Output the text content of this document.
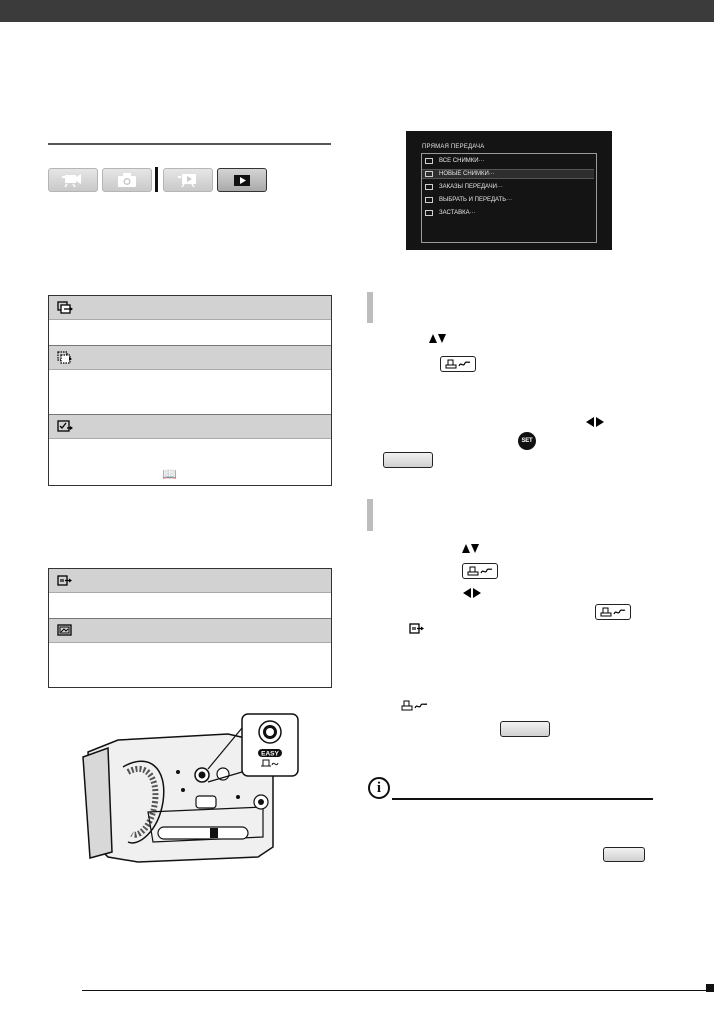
📖
EASY
ПРЯМАЯ ПЕРЕДАЧА
ВСЕ СНИМКИ···
НОВЫЕ СНИМКИ···
ЗАКАЗЫ ПЕРЕДАЧИ···
ВЫБРАТЬ И ПЕРЕДАТЬ···
ЗАСТАВКА···
SET
i
